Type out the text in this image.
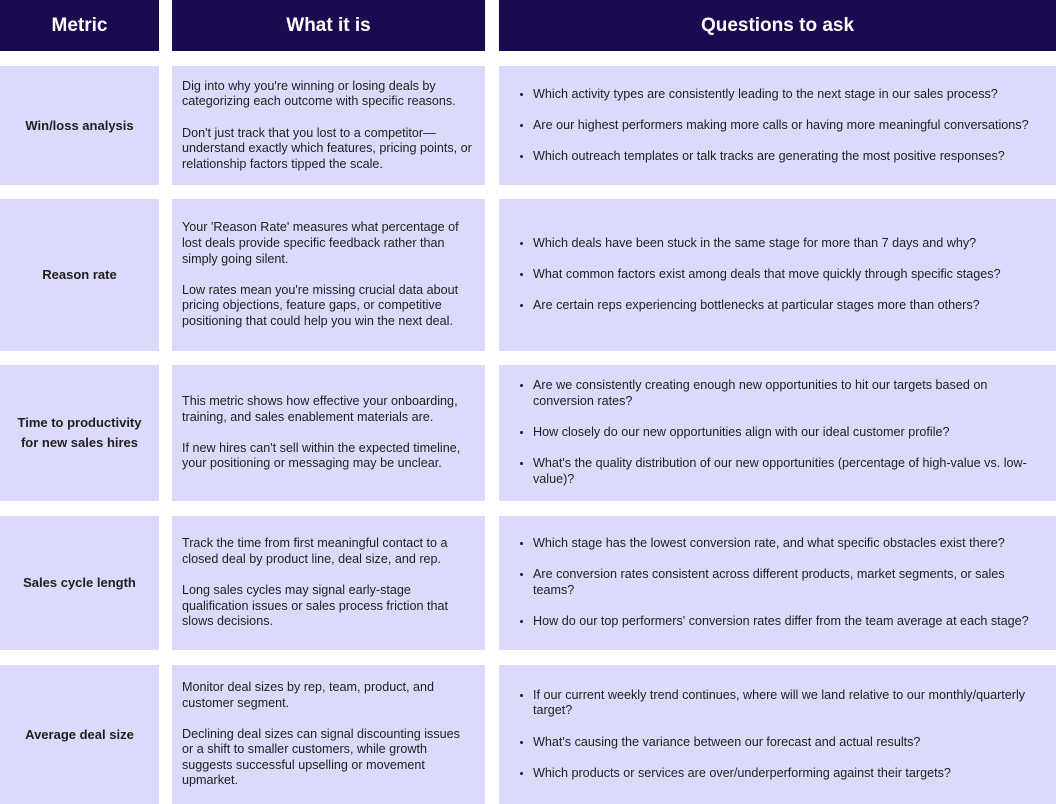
Metric	What it is	Questions to ask
Win/loss analysis

Dig into why you're winning or losing deals by categorizing each outcome with specific reasons.

Don't just track that you lost to a competitor—understand exactly which features, pricing points, or relationship factors tipped the scale.

• Which activity types are consistently leading to the next stage in our sales process?
• Are our highest performers making more calls or having more meaningful conversations?
• Which outreach templates or talk tracks are generating the most positive responses?
Reason rate

Your 'Reason Rate' measures what percentage of lost deals provide specific feedback rather than simply going silent.

Low rates mean you're missing crucial data about pricing objections, feature gaps, or competitive positioning that could help you win the next deal.

• Which deals have been stuck in the same stage for more than 7 days and why?
• What common factors exist among deals that move quickly through specific stages?
• Are certain reps experiencing bottlenecks at particular stages more than others?
Time to productivity for new sales hires

This metric shows how effective your onboarding, training, and sales enablement materials are.

If new hires can't sell within the expected timeline, your positioning or messaging may be unclear.

• Are we consistently creating enough new opportunities to hit our targets based on conversion rates?
• How closely do our new opportunities align with our ideal customer profile?
• What's the quality distribution of our new opportunities (percentage of high-value vs. low-value)?
Sales cycle length

Track the time from first meaningful contact to a closed deal by product line, deal size, and rep.

Long sales cycles may signal early-stage qualification issues or sales process friction that slows decisions.

• Which stage has the lowest conversion rate, and what specific obstacles exist there?
• Are conversion rates consistent across different products, market segments, or sales teams?
• How do our top performers' conversion rates differ from the team average at each stage?
Average deal size

Monitor deal sizes by rep, team, product, and customer segment.

Declining deal sizes can signal discounting issues or a shift to smaller customers, while growth suggests successful upselling or movement upmarket.

• If our current weekly trend continues, where will we land relative to our monthly/quarterly target?
• What's causing the variance between our forecast and actual results?
• Which products or services are over/underperforming against their targets?
